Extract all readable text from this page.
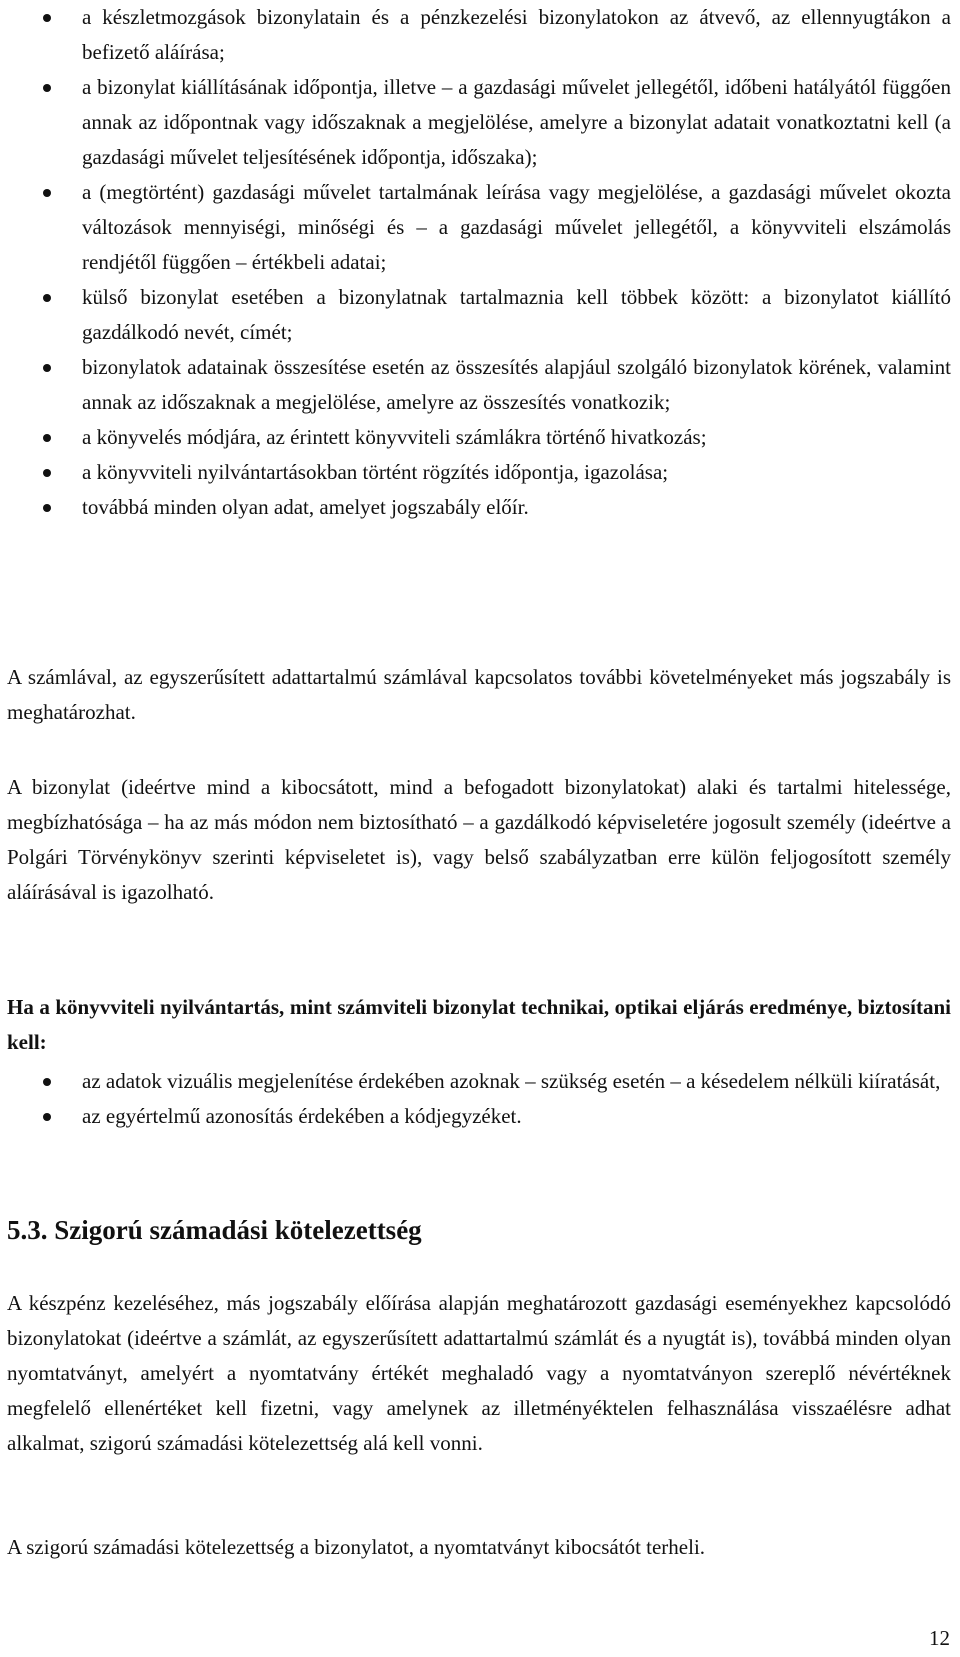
a készletmozgások bizonylatain és a pénzkezelési bizonylatokon az átvevő, az ellennyugtákon a befizető aláírása;
a bizonylat kiállításának időpontja, illetve – a gazdasági művelet jellegétől, időbeni hatályától függően annak az időpontnak vagy időszaknak a megjelölése, amelyre a bizonylat adatait vonatkoztatni kell (a gazdasági művelet teljesítésének időpontja, időszaka);
a (megtörtént) gazdasági művelet tartalmának leírása vagy megjelölése, a gazdasági művelet okozta változások mennyiségi, minőségi és – a gazdasági művelet jellegétől, a könyvviteli elszámolás rendjétől függően – értékbeli adatai;
külső bizonylat esetében a bizonylatnak tartalmaznia kell többek között: a bizonylatot kiállító gazdálkodó nevét, címét;
bizonylatok adatainak összesítése esetén az összesítés alapjául szolgáló bizonylatok körének, valamint annak az időszaknak a megjelölése, amelyre az összesítés vonatkozik;
a könyvelés módjára, az érintett könyvviteli számlákra történő hivatkozás;
a könyvviteli nyilvántartásokban történt rögzítés időpontja, igazolása;
továbbá minden olyan adat, amelyet jogszabály előír.

A számlával, az egyszerűsített adattartalmú számlával kapcsolatos további követelményeket más jogszabály is meghatározhat.

A bizonylat (ideértve mind a kibocsátott, mind a befogadott bizonylatokat) alaki és tartalmi hitelessége, megbízhatósága – ha az más módon nem biztosítható – a gazdálkodó képviseletére jogosult személy (ideértve a Polgári Törvénykönyv szerinti képviseletet is), vagy belső szabályzatban erre külön feljogosított személy aláírásával is igazolható.

Ha a könyvviteli nyilvántartás, mint számviteli bizonylat technikai, optikai eljárás eredménye, biztosítani kell:

az adatok vizuális megjelenítése érdekében azoknak – szükség esetén – a késedelem nélküli kiíratását,
az egyértelmű azonosítás érdekében a kódjegyzéket.
5.3. Szigorú számadási kötelezettség

A készpénz kezeléséhez, más jogszabály előírása alapján meghatározott gazdasági eseményekhez kapcsolódó bizonylatokat (ideértve a számlát, az egyszerűsített adattartalmú számlát és a nyugtát is), továbbá minden olyan nyomtatványt, amelyért a nyomtatvány értékét meghaladó vagy a nyomtatványon szereplő névértéknek megfelelő ellenértéket kell fizetni, vagy amelynek az illetményéktelen felhasználása visszaélésre adhat alkalmat, szigorú számadási kötelezettség alá kell vonni.

A szigorú számadási kötelezettség a bizonylatot, a nyomtatványt kibocsátót terheli.

12
